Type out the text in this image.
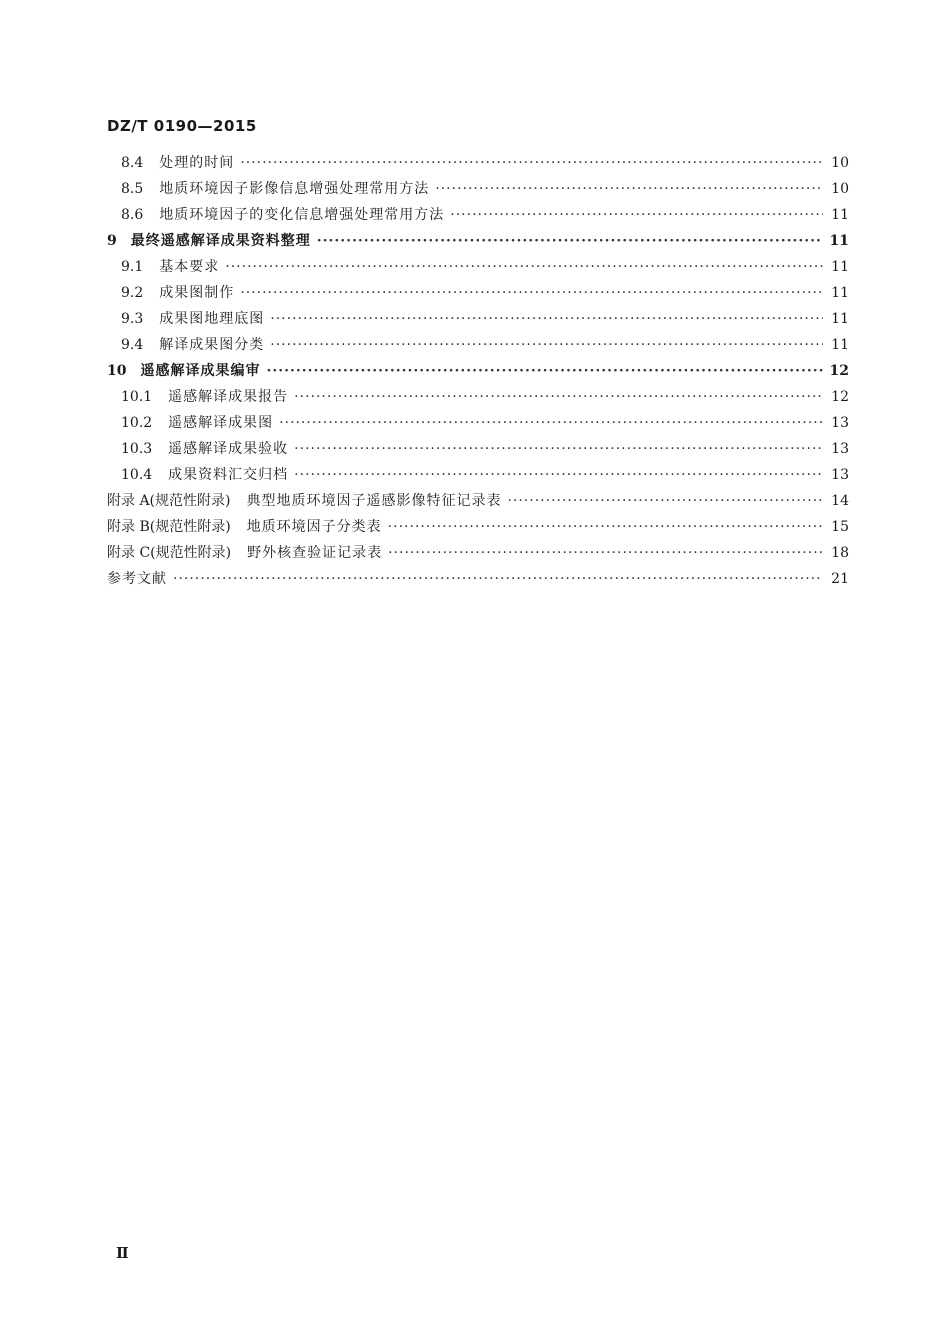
DZ/T 0190—2015
8.4 处理的时间 ·····	10
8.5 地质环境因子影像信息增强处理常用方法 ·····	10
8.6 地质环境因子的变化信息增强处理常用方法 ·····	11
9 最终遥感解译成果资料整理 ·····	11
9.1 基本要求 ·····	11
9.2 成果图制作 ·····	11
9.3 成果图地理底图 ·····	11
9.4 解译成果图分类 ·····	11
10 遥感解译成果编审 ·····	12
10.1 遥感解译成果报告 ·····	12
10.2 遥感解译成果图 ·····	13
10.3 遥感解译成果验收 ·····	13
10.4 成果资料汇交归档 ·····	13
附录 A(规范性附录) 典型地质环境因子遥感影像特征记录表 ·····	14
附录 B(规范性附录) 地质环境因子分类表 ·····	15
附录 C(规范性附录) 野外核查验证记录表 ·····	18
参考文献 ·····	21
Ⅱ
